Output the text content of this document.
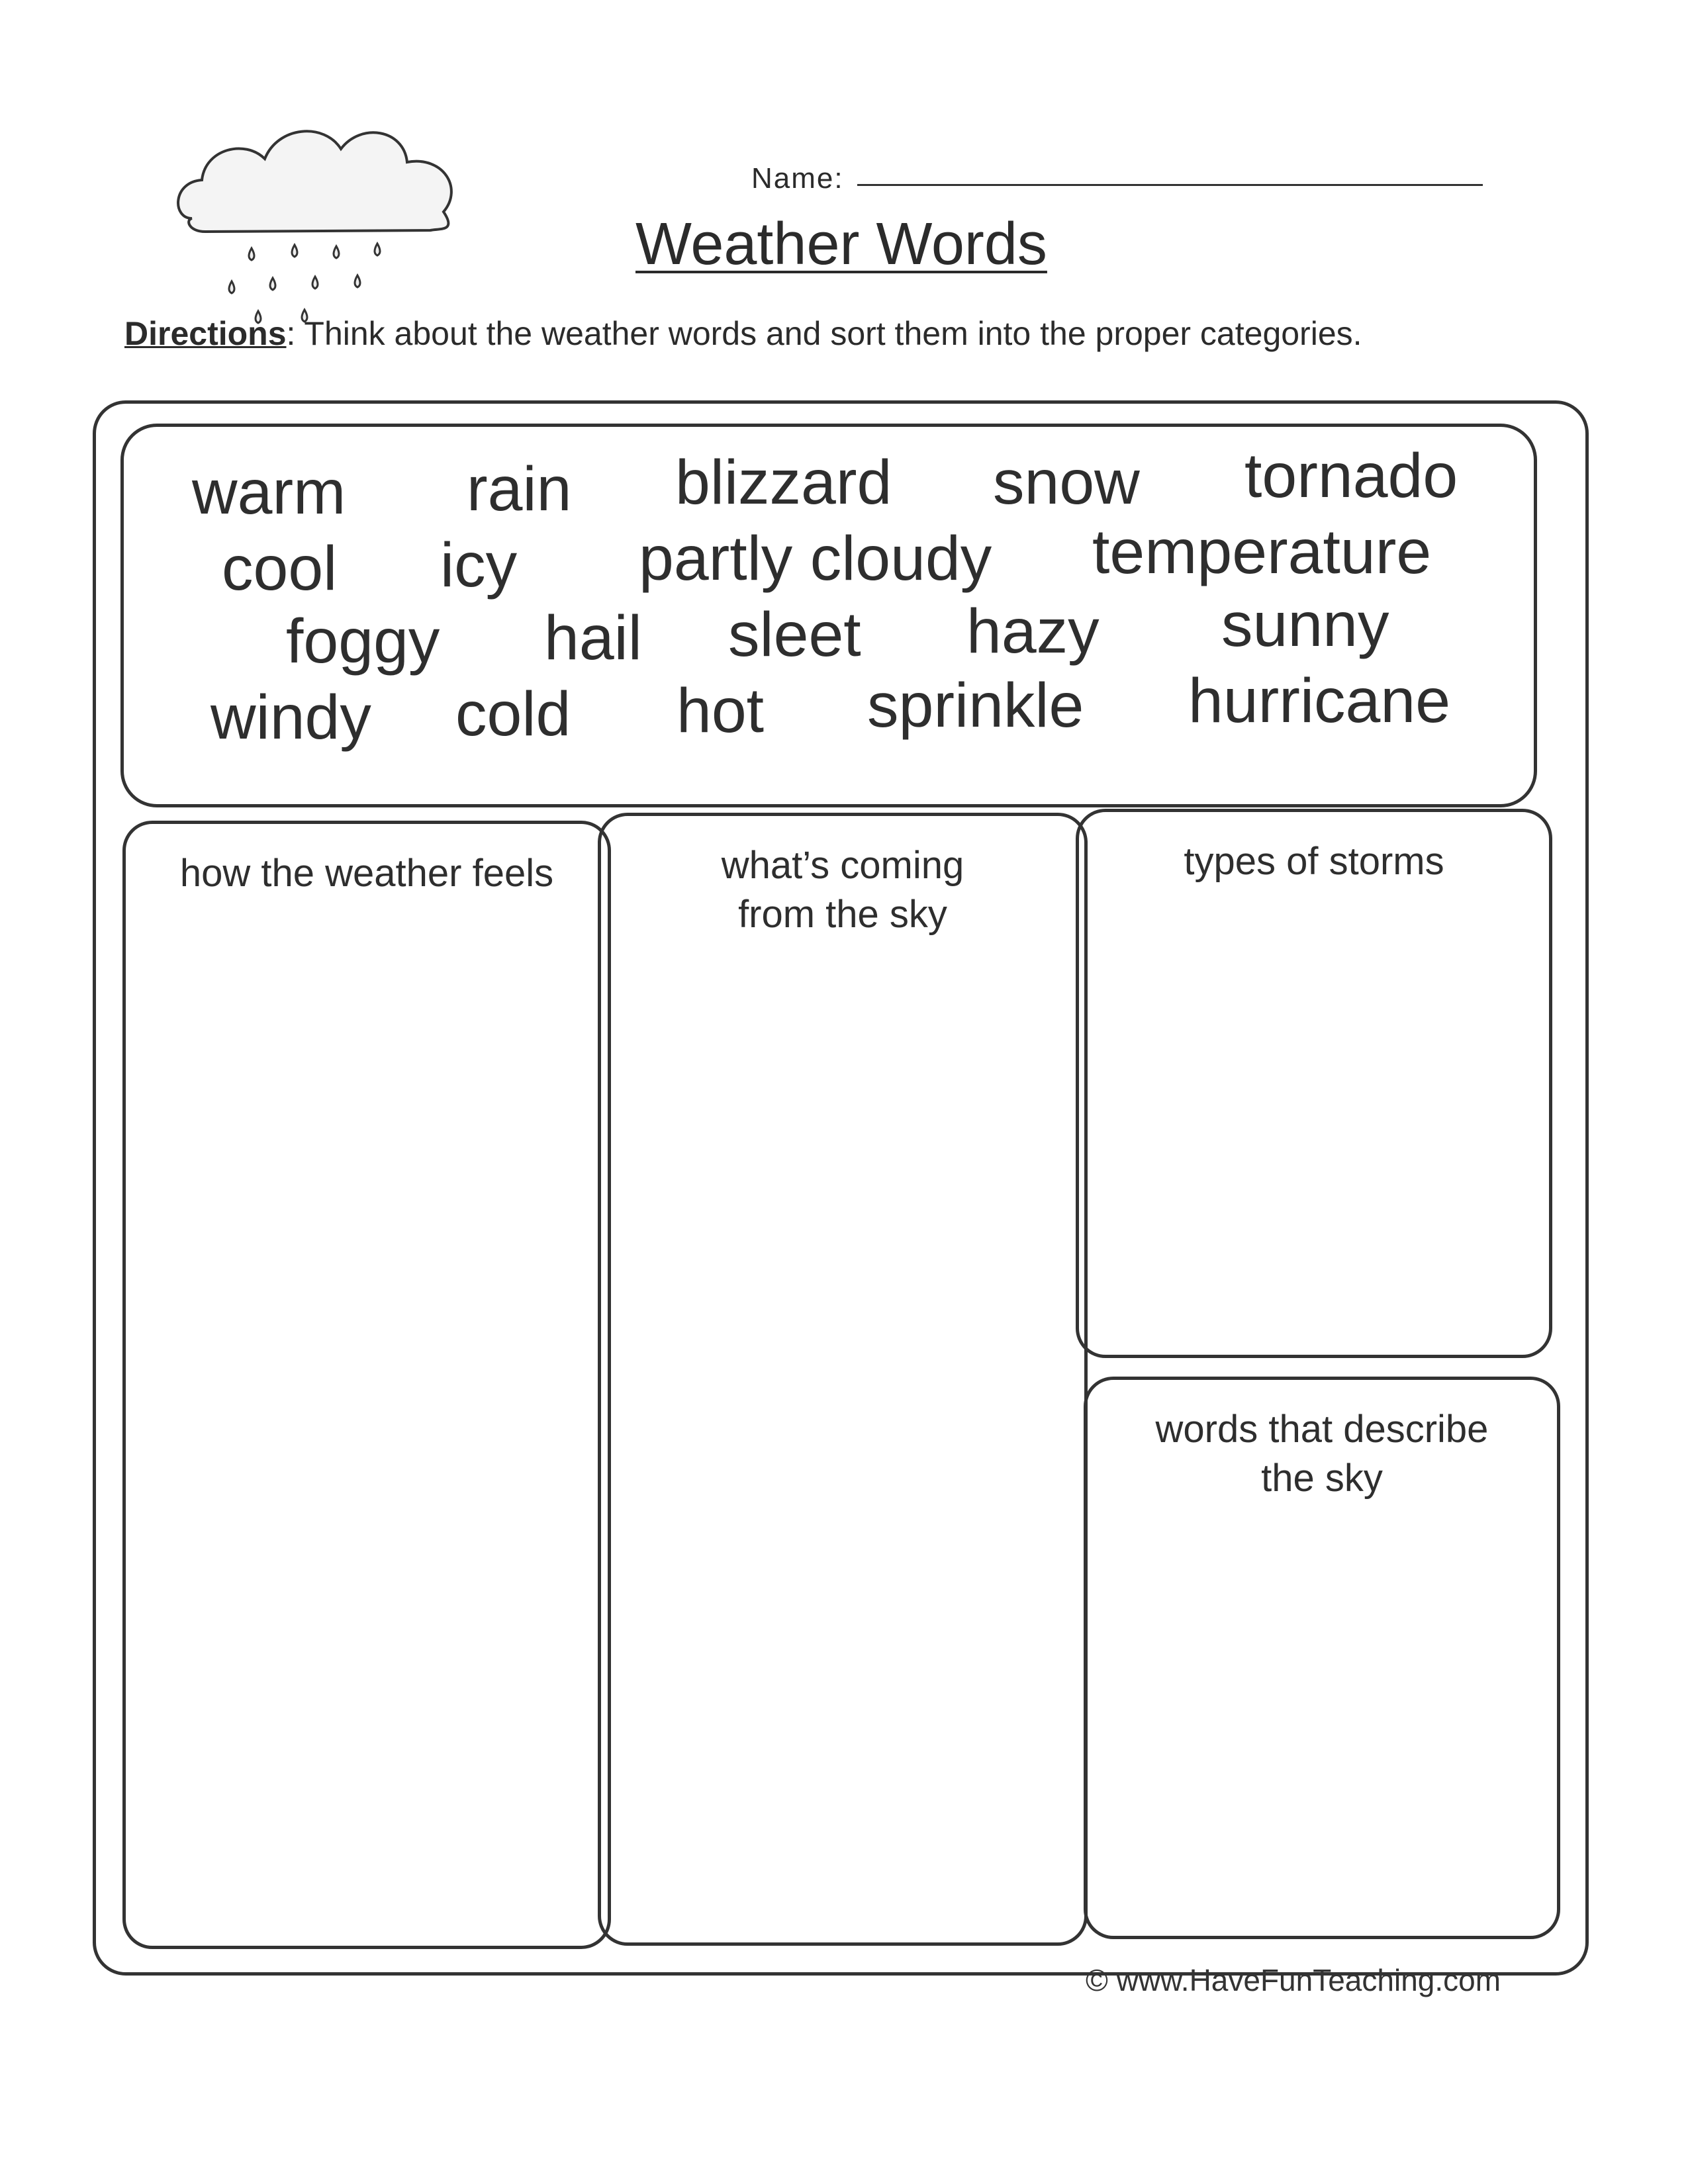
Name:
Weather Words
Directions: Think about the weather words and sort them into the proper categories.
warm rain blizzard snow tornado
cool icy partly cloudy temperature
foggy hail sleet hazy sunny
windy cold hot sprinkle hurricane
how the weather feels	what’s coming from the sky
types of storms
words that describe the sky
© www.HaveFunTeaching.com
